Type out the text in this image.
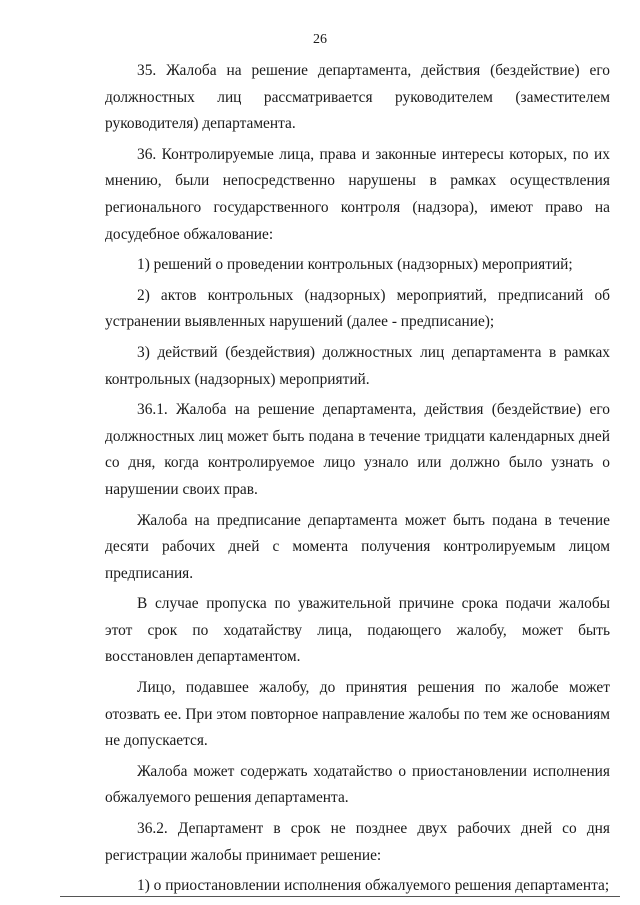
26

35. Жалоба на решение департамента, действия (бездействие) его должностных лиц рассматривается руководителем (заместителем руководителя) департамента.

36. Контролируемые лица, права и законные интересы которых, по их мнению, были непосредственно нарушены в рамках осуществления регионального государственного контроля (надзора), имеют право на досудебное обжалование:

1) решений о проведении контрольных (надзорных) мероприятий;

2) актов контрольных (надзорных) мероприятий, предписаний об устранении выявленных нарушений (далее - предписание);

3) действий (бездействия) должностных лиц департамента в рамках контрольных (надзорных) мероприятий.

36.1. Жалоба на решение департамента, действия (бездействие) его должностных лиц может быть подана в течение тридцати календарных дней со дня, когда контролируемое лицо узнало или должно было узнать о нарушении своих прав.

Жалоба на предписание департамента может быть подана в течение десяти рабочих дней с момента получения контролируемым лицом предписания.

В случае пропуска по уважительной причине срока подачи жалобы этот срок по ходатайству лица, подающего жалобу, может быть восстановлен департаментом.

Лицо, подавшее жалобу, до принятия решения по жалобе может отозвать ее. При этом повторное направление жалобы по тем же основаниям не допускается.

Жалоба может содержать ходатайство о приостановлении исполнения обжалуемого решения департамента.

36.2. Департамент в срок не позднее двух рабочих дней со дня регистрации жалобы принимает решение:

1) о приостановлении исполнения обжалуемого решения департамента;
